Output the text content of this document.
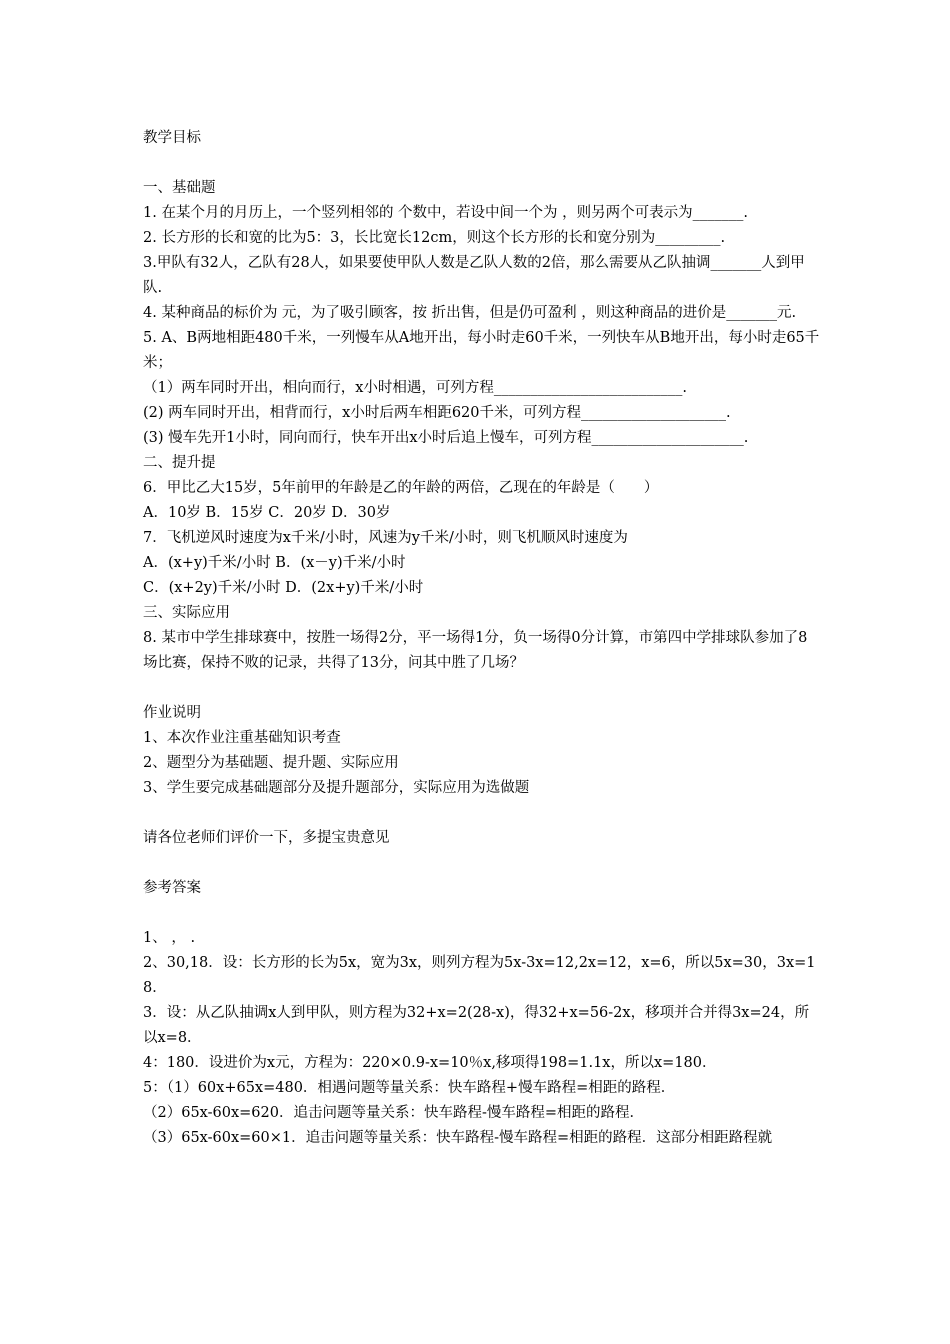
教学目标
一、基础题
1. 在某个月的月历上，一个竖列相邻的 个数中，若设中间一个为 ，则另两个可表示为_______.
2. 长方形的长和宽的比为5：3，长比宽长12cm，则这个长方形的长和宽分别为_________.
3.甲队有32人，乙队有28人，如果要使甲队人数是乙队人数的2倍，那么需要从乙队抽调_______人到甲队.
4. 某种商品的标价为 元，为了吸引顾客，按 折出售，但是仍可盈利 ，则这种商品的进价是_______元.
5. A、B两地相距480千米，一列慢车从A地开出，每小时走60千米，一列快车从B地开出，每小时走65千米；
（1）两车同时开出，相向而行，x小时相遇，可列方程__________________________.
(2) 两车同时开出，相背而行，x小时后两车相距620千米，可列方程____________________.
(3) 慢车先开1小时，同向而行，快车开出x小时后追上慢车，可列方程_____________________.
二、提升提
6．甲比乙大15岁，5年前甲的年龄是乙的年龄的两倍，乙现在的年龄是（　　）
A．10岁 B．15岁 C．20岁 D．30岁
7．飞机逆风时速度为x千米/小时，风速为y千米/小时，则飞机顺风时速度为
A．(x+y)千米/小时 B．(x－y)千米/小时
C．(x+2y)千米/小时 D．(2x+y)千米/小时
三、实际应用
8. 某市中学生排球赛中，按胜一场得2分，平一场得1分，负一场得0分计算，市第四中学排球队参加了8场比赛，保持不败的记录，共得了13分，问其中胜了几场？
作业说明
1、本次作业注重基础知识考查
2、题型分为基础题、提升题、实际应用
3、学生要完成基础题部分及提升题部分，实际应用为选做题
请各位老师们评价一下，多提宝贵意见
参考答案
1、 ， .
2、30,18．设：长方形的长为5x，宽为3x，则列方程为5x-3x=12,2x=12，x=6，所以5x=30，3x=18．
3．设：从乙队抽调x人到甲队，则方程为32+x=2(28-x)，得32+x=56-2x，移项并合并得3x=24，所以x=8．
4：180．设进价为x元，方程为：220×0.9-x=10％x,移项得198=1.1x，所以x=180．
5：（1）60x+65x=480．相遇问题等量关系：快车路程+慢车路程=相距的路程．
（2）65x-60x=620．追击问题等量关系：快车路程-慢车路程=相距的路程．
（3）65x-60x=60×1．追击问题等量关系：快车路程-慢车路程=相距的路程．这部分相距路程就
